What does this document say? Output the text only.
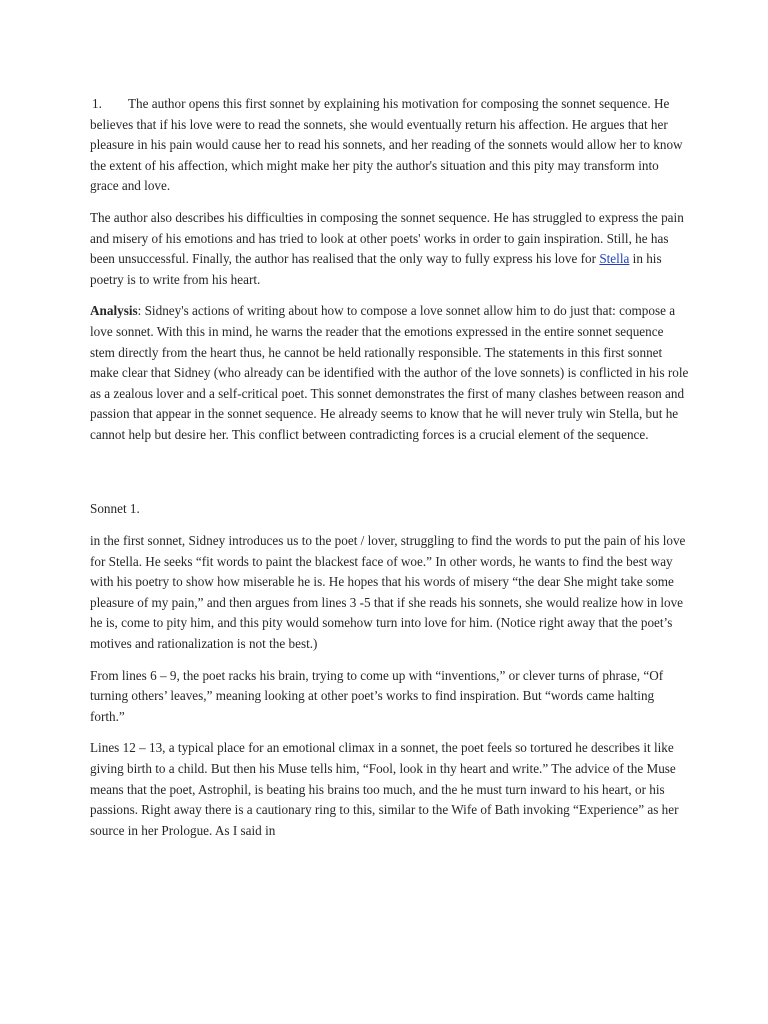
1. The author opens this first sonnet by explaining his motivation for composing the sonnet sequence. He believes that if his love were to read the sonnets, she would eventually return his affection. He argues that her pleasure in his pain would cause her to read his sonnets, and her reading of the sonnets would allow her to know the extent of his affection, which might make her pity the author's situation and this pity may transform into grace and love.

The author also describes his difficulties in composing the sonnet sequence. He has struggled to express the pain and misery of his emotions and has tried to look at other poets' works in order to gain inspiration. Still, he has been unsuccessful. Finally, the author has realised that the only way to fully express his love for Stella in his poetry is to write from his heart.

Analysis: Sidney's actions of writing about how to compose a love sonnet allow him to do just that: compose a love sonnet. With this in mind, he warns the reader that the emotions expressed in the entire sonnet sequence stem directly from the heart thus, he cannot be held rationally responsible. The statements in this first sonnet make clear that Sidney (who already can be identified with the author of the love sonnets) is conflicted in his role as a zealous lover and a self-critical poet. This sonnet demonstrates the first of many clashes between reason and passion that appear in the sonnet sequence. He already seems to know that he will never truly win Stella, but he cannot help but desire her. This conflict between contradicting forces is a crucial element of the sequence.

Sonnet 1.

in the first sonnet, Sidney introduces us to the poet / lover, struggling to find the words to put the pain of his love for Stella. He seeks “fit words to paint the blackest face of woe.” In other words, he wants to find the best way with his poetry to show how miserable he is. He hopes that his words of misery “the dear She might take some pleasure of my pain,” and then argues from lines 3 -5 that if she reads his sonnets, she would realize how in love he is, come to pity him, and this pity would somehow turn into love for him. (Notice right away that the poet’s motives and rationalization is not the best.)

From lines 6 – 9, the poet racks his brain, trying to come up with “inventions,” or clever turns of phrase, “Of turning others’ leaves,” meaning looking at other poet’s works to find inspiration. But “words came halting forth.”

Lines 12 – 13, a typical place for an emotional climax in a sonnet, the poet feels so tortured he describes it like giving birth to a child. But then his Muse tells him, “Fool, look in thy heart and write.” The advice of the Muse means that the poet, Astrophil, is beating his brains too much, and the he must turn inward to his heart, or his passions. Right away there is a cautionary ring to this, similar to the Wife of Bath invoking “Experience” as her source in her Prologue. As I said in
